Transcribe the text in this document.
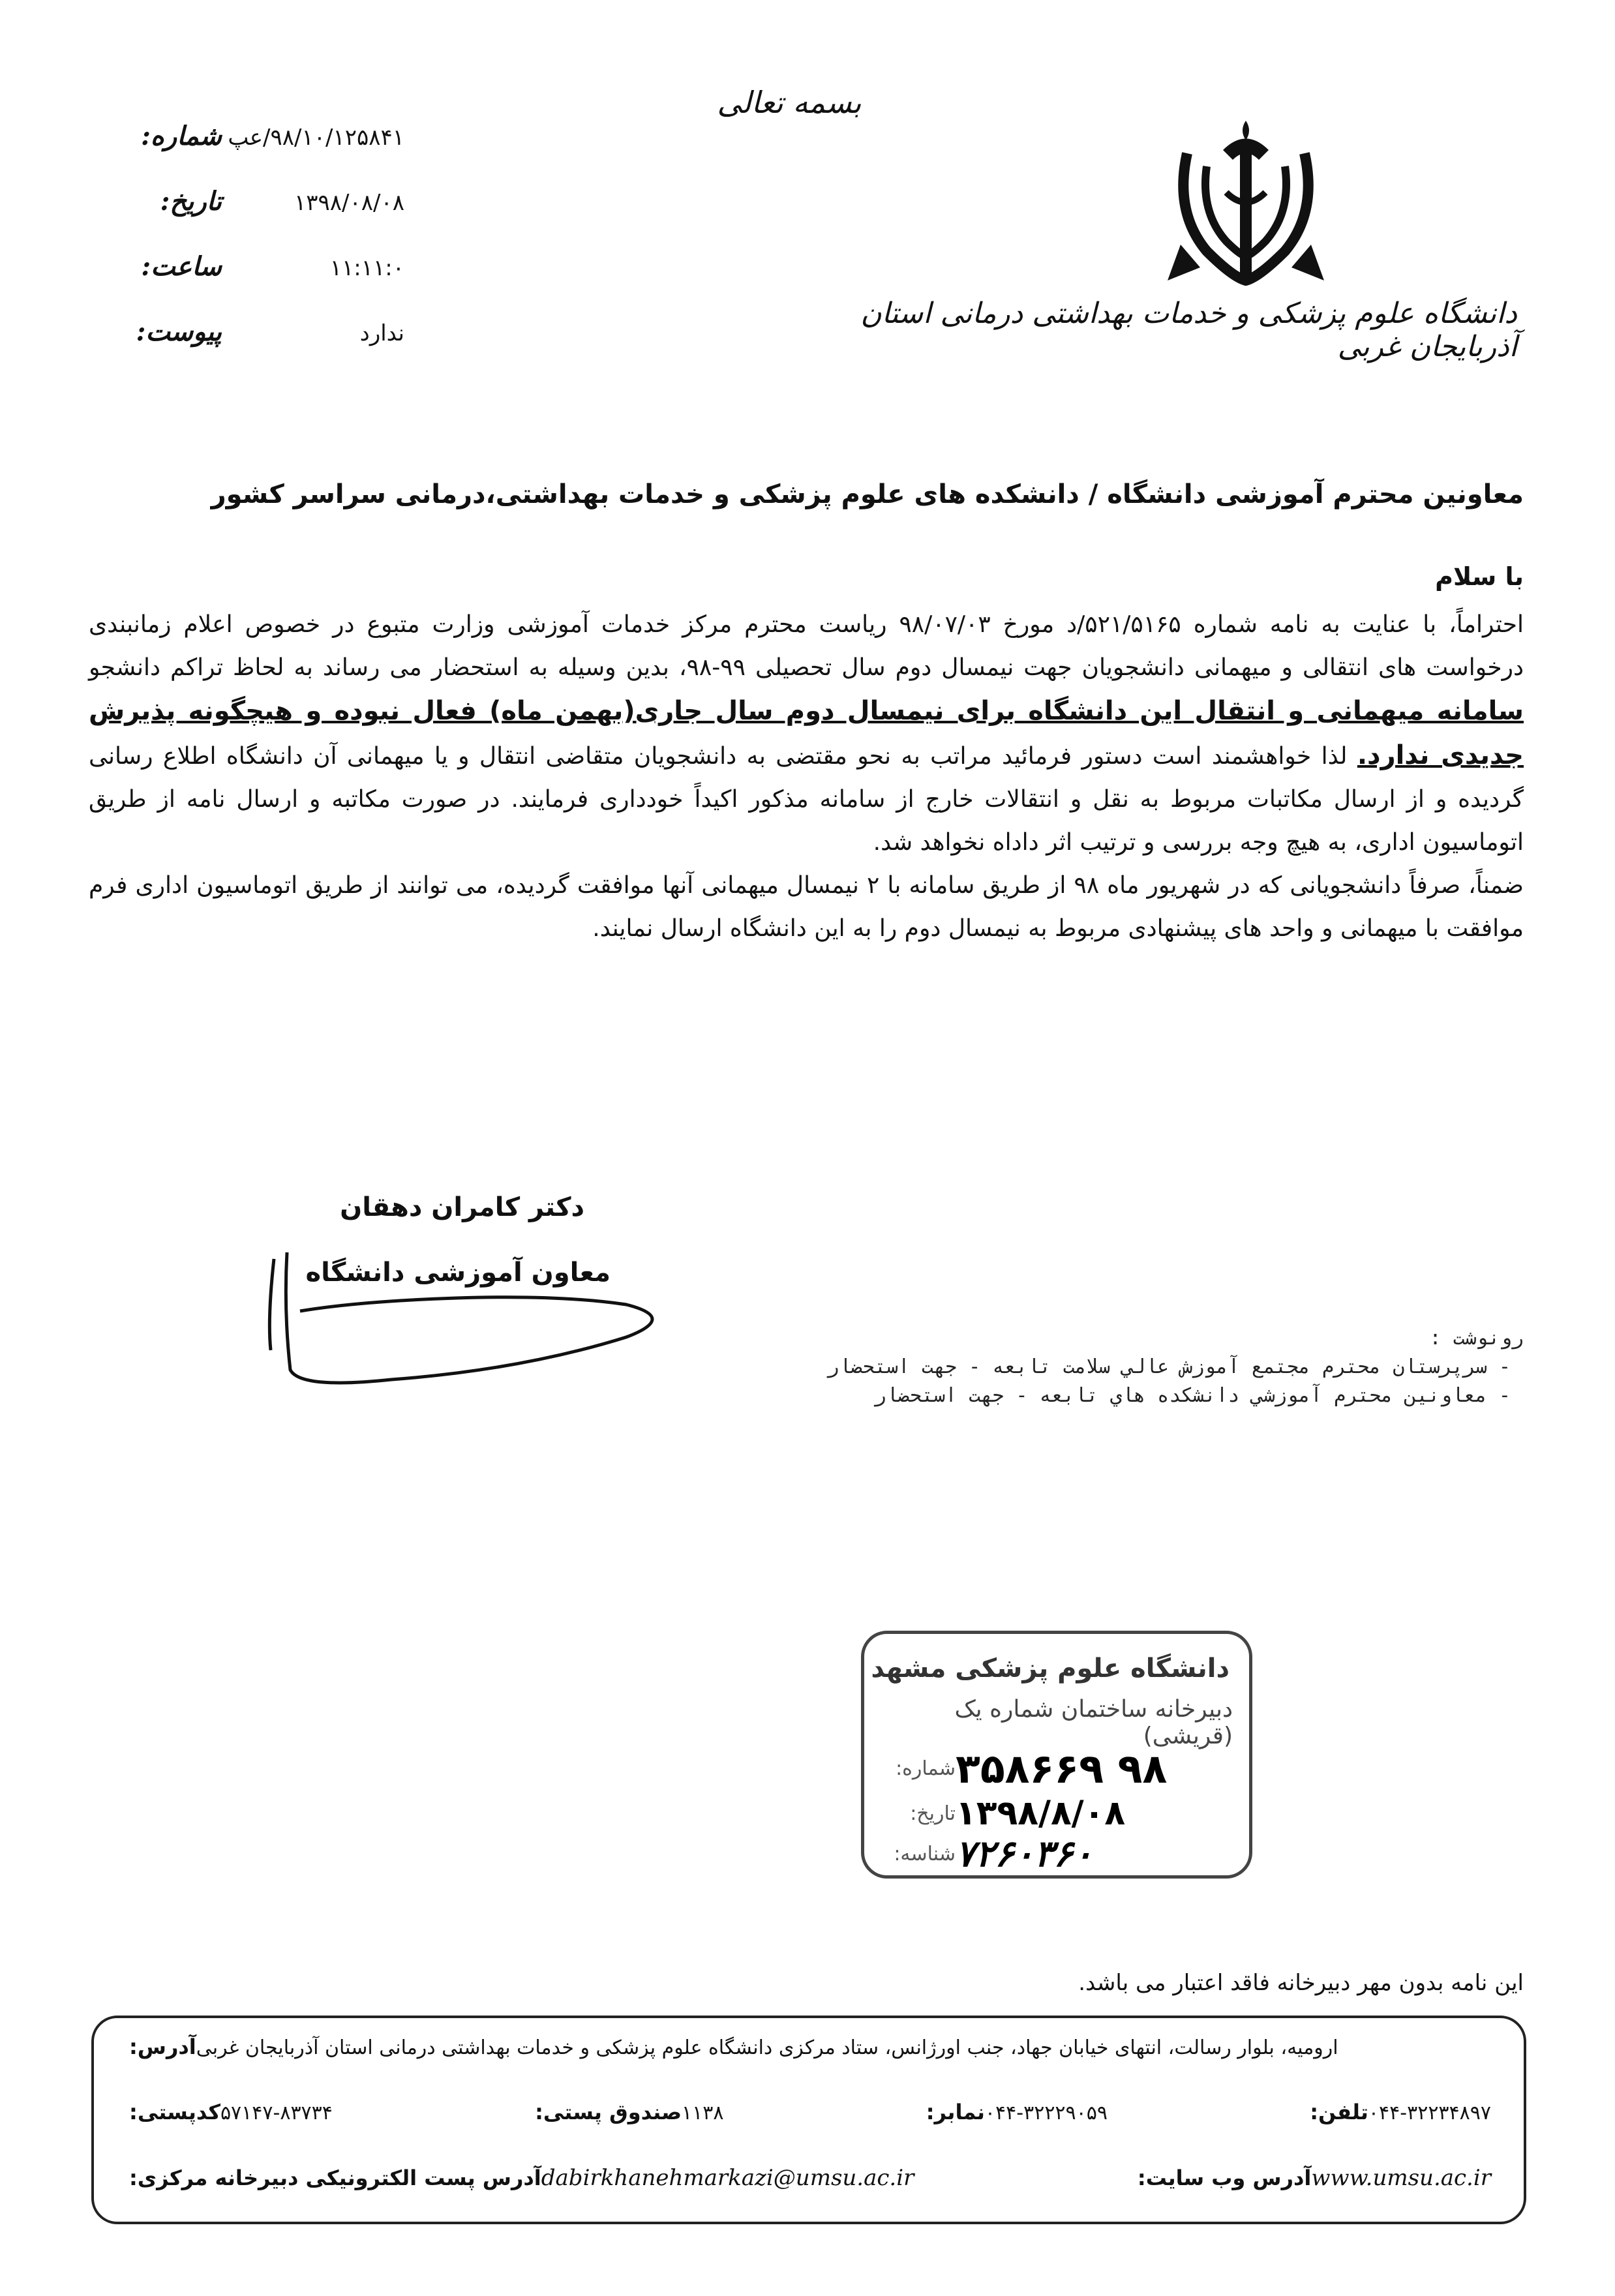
بسمه تعالی
دانشگاه علوم پزشکی و خدمات بهداشتی درمانی استان آذربایجان غربی
شماره: ۹۸/۱۰/۱۲۵۸۴۱/عپ
تاریخ:	۱۳۹۸/۰۸/۰۸
ساعت:	۱۱:۱۱:۰
پیوست:	ندارد
معاونین محترم آموزشی دانشگاه / دانشکده های علوم پزشکی و خدمات بهداشتی،درمانی سراسر کشور
با سلام

احتراماً، با عنایت به نامه شماره ۵۲۱/۵۱۶۵/د مورخ ۹۸/۰۷/۰۳ ریاست محترم مرکز خدمات آموزشی وزارت متبوع در خصوص اعلام زمانبندی درخواست های انتقالی و میهمانی دانشجویان جهت نیمسال دوم سال تحصیلی ۹۹-۹۸، بدین وسیله به استحضار می رساند به لحاظ تراکم دانشجو سامانه میهمانی و انتقال این دانشگاه برای نیمسال دوم سال جاری(بهمن ماه) فعال نبوده و هیچگونه پذیرش جدیدی ندارد. لذا خواهشمند است دستور فرمائید مراتب به نحو مقتضی به دانشجویان متقاضی انتقال و یا میهمانی آن دانشگاه اطلاع رسانی گردیده و از ارسال مکاتبات مربوط به نقل و انتقالات خارج از سامانه مذکور اکیداً خودداری فرمایند. در صورت مکاتبه و ارسال نامه از طریق اتوماسیون اداری، به هیچ وجه بررسی و ترتیب اثر داداه نخواهد شد.

ضمناً، صرفاً دانشجویانی که در شهریور ماه ۹۸ از طریق سامانه با ۲ نیمسال میهمانی آنها موافقت گردیده، می توانند از طریق اتوماسیون اداری فرم موافقت با میهمانی و واحد های پیشنهادی مربوط به نیمسال دوم را به این دانشگاه ارسال نمایند.

دکتر کامران دهقان
معاون آموزشی دانشگاه
رونوشت :
- سرپرستان محترم مجتمع آموزش عالي سلامت تابعه - جهت استحضار
- معاونين محترم آموزشي دانشكده هاي تابعه - جهت استحضار
دانشگاه علوم پزشکی مشهد
دبیرخانه ساختمان شماره یک (قریشی)
شماره: ۹۸ ۳۵۸۶۶۹
تاریخ: ۱۳۹۸/۸/۰۸
شناسه: ۷۲۶۰۳۶۰
این نامه بدون مهر دبیرخانه فاقد اعتبار می باشد.
آدرس: ارومیه، بلوار رسالت، انتهای خیابان جهاد، جنب اورژانس، ستاد مرکزی دانشگاه علوم پزشکی و خدمات بهداشتی درمانی استان آذربایجان غربی
کدپستی: ۵۷۱۴۷-۸۳۷۳۴	صندوق پستی: ۱۱۳۸	نمابر: ۰۴۴-۳۲۲۲۹۰۵۹	تلفن: ۰۴۴-۳۲۲۳۴۸۹۷
آدرس پست الکترونیکی دبیرخانه مرکزی: dabirkhanehmarkazi@umsu.ac.ir	آدرس وب سایت: www.umsu.ac.ir
